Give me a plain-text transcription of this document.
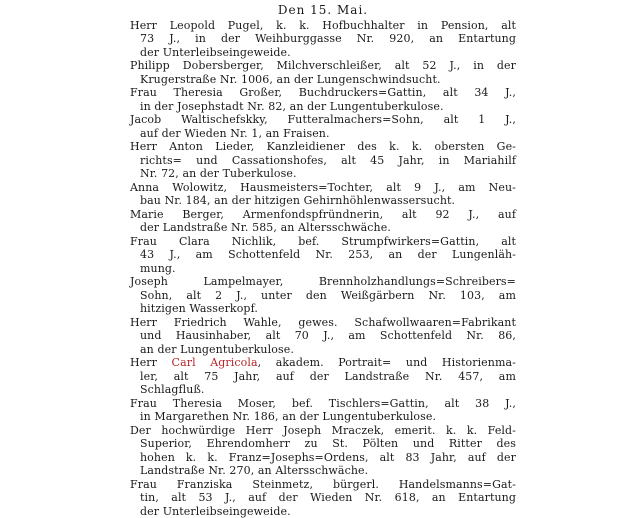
Den 15. Mai.
Herr Leopold Pugel, k. k. Hofbuchhalter in Pension, alt
73 J., in der Weihburggasse Nr. 920, an Entartung
der Unterleibseingeweide.
Philipp Dobersberger, Milchverschleißer, alt 52 J., in der
Krugerstraße Nr. 1006, an der Lungenschwindsucht.
Frau Theresia Großer, Buchdruckers=Gattin, alt 34 J.,
in der Josephstadt Nr. 82, an der Lungentuberkulose.
Jacob Waltischefskky, Futteralmachers=Sohn, alt 1 J.,
auf der Wieden Nr. 1, an Fraisen.
Herr Anton Lieder, Kanzleidiener des k. k. obersten Ge-
richts= und Cassationshofes, alt 45 Jahr, in Mariahilf
Nr. 72, an der Tuberkulose.
Anna Wolowitz, Hausmeisters=Tochter, alt 9 J., am Neu-
bau Nr. 184, an der hitzigen Gehirnhöhlenwassersucht.
Marie Berger, Armenfondspfründnerin, alt 92 J., auf
der Landstraße Nr. 585, an Altersschwäche.
Frau Clara Nichlik, bef. Strumpfwirkers=Gattin, alt
43 J., am Schottenfeld Nr. 253, an der Lungenläh-
mung.
Joseph Lampelmayer, Brennholzhandlungs=Schreibers=
Sohn, alt 2 J., unter den Weißgärbern Nr. 103, am
hitzigen Wasserkopf.
Herr Friedrich Wahle, gewes. Schafwollwaaren=Fabrikant
und Hausinhaber, alt 70 J., am Schottenfeld Nr. 86,
an der Lungentuberkulose.
Herr Carl Agricola, akadem. Portrait= und Historienma-
ler, alt 75 Jahr, auf der Landstraße Nr. 457, am
Schlagfluß.
Frau Theresia Moser, bef. Tischlers=Gattin, alt 38 J.,
in Margarethen Nr. 186, an der Lungentuberkulose.
Der hochwürdige Herr Joseph Mraczek, emerit. k. k. Feld-
Superior, Ehrendomherr zu St. Pölten und Ritter des
hohen k. k. Franz=Josephs=Ordens, alt 83 Jahr, auf der
Landstraße Nr. 270, an Altersschwäche.
Frau Franziska Steinmetz, bürgerl. Handelsmanns=Gat-
tin, alt 53 J., auf der Wieden Nr. 618, an Entartung
der Unterleibseingeweide.
